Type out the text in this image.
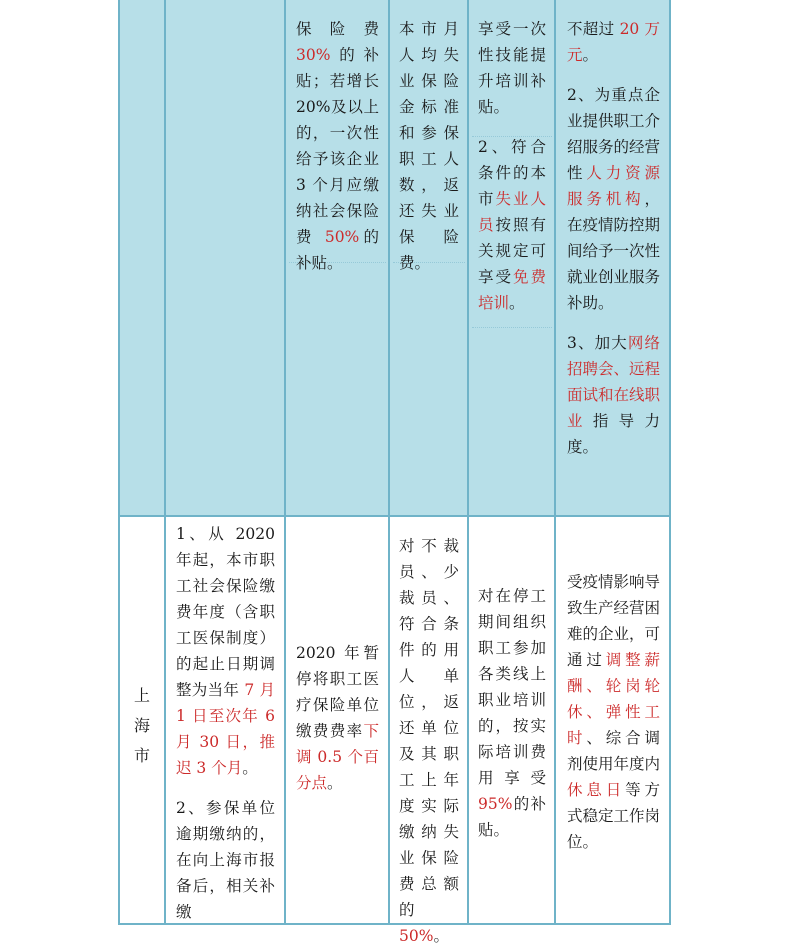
保险费 30%的补贴；若增长 20%及以上的，一次性给予该企业 3 个月应缴纳社会保险费 50%的补贴。
本市月人均失业保险金标准和参保职工人数，返还失业保险费。
享受一次性技能提升培训补贴。
2、符合条件的本市失业人员按照有关规定可享受免费培训。
不超过 20 万元。
2、为重点企业提供职工介绍服务的经营性人力资源服务机构，在疫情防控期间给予一次性就业创业服务补助。
3、加大网络招聘会、远程面试和在线职业指导力度。
上
海
市
1、从 2020 年起，本市职工社会保险缴费年度（含职工医保制度）的起止日期调整为当年 7 月 1 日至次年 6 月 30 日，推迟 3 个月。
2、参保单位逾期缴纳的，在向上海市报备后，相关补缴
2020 年暂停将职工医疗保险单位缴费费率下调 0.5 个百分点。
对不裁员、少裁员、符合条件的用人单位，返还单位及其职工上年度实际缴纳失业保险费总额的 50%。
对在停工期间组织职工参加各类线上职业培训的，按实际培训费用享受 95%的补贴。
受疫情影响导致生产经营困难的企业，可通过调整薪酬、轮岗轮休、弹性工时、综合调剂使用年度内休息日等方式稳定工作岗位。
